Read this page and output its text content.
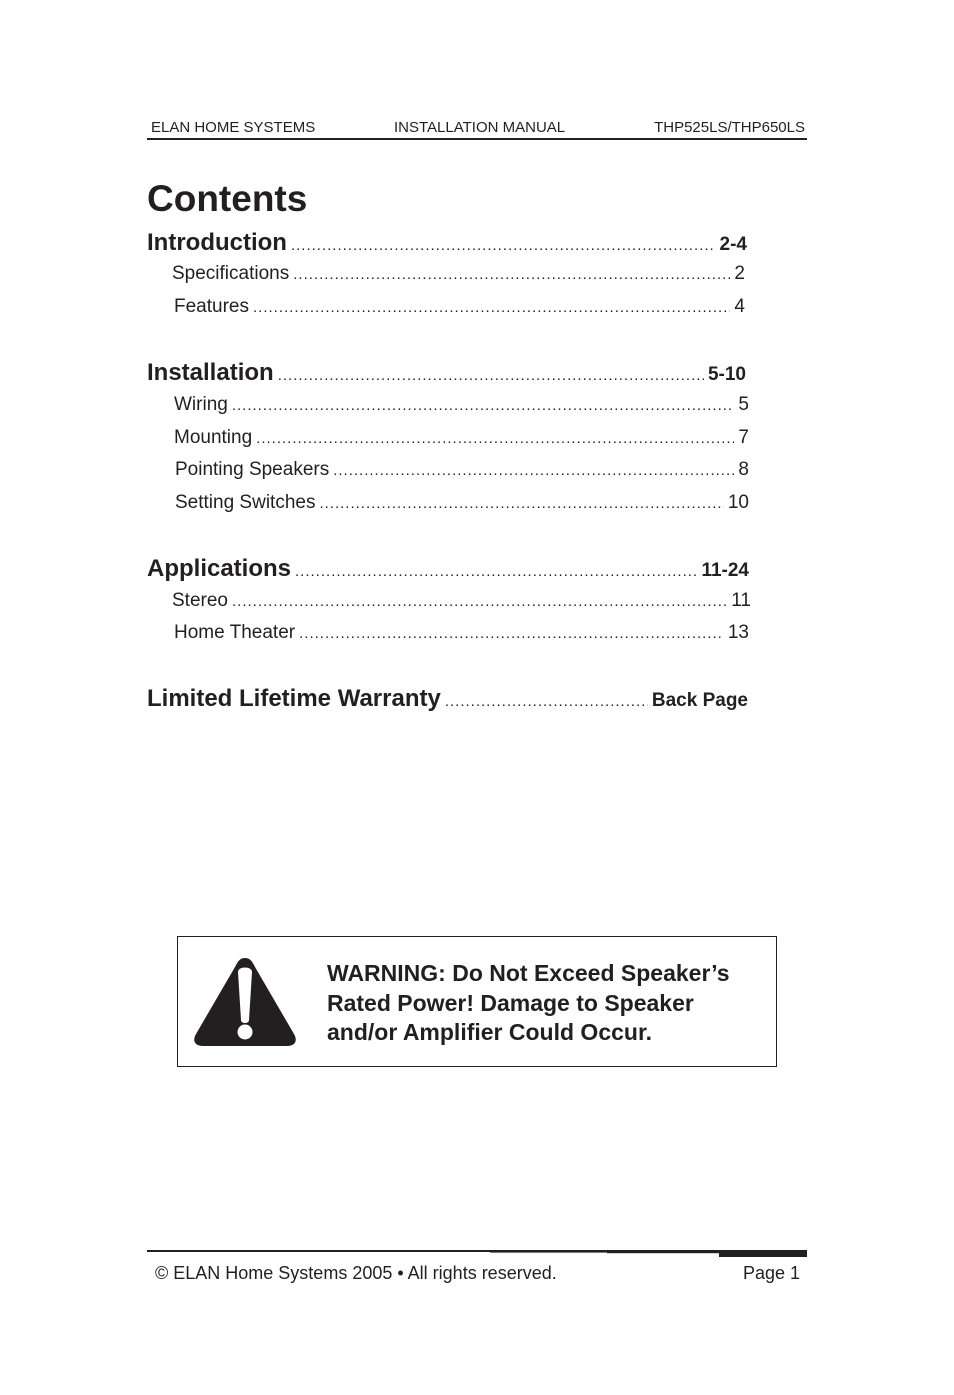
ELAN HOME SYSTEMS	INSTALLATION MANUAL	THP525LS/THP650LS
Contents
Introduction .....	2-4
Specifications .....	2
Features .....	4
Installation .....	5-10
Wiring .....	5
Mounting .....	7
Pointing Speakers .....	8
Setting Switches .....	10
Applications .....	11-24
Stereo .....	11
Home Theater .....	13
Limited Lifetime Warranty .....	Back Page
WARNING: Do Not Exceed Speaker’s
Rated Power! Damage to Speaker
and/or Amplifier Could Occur.
© ELAN Home Systems 2005 • All rights reserved.	Page 1
